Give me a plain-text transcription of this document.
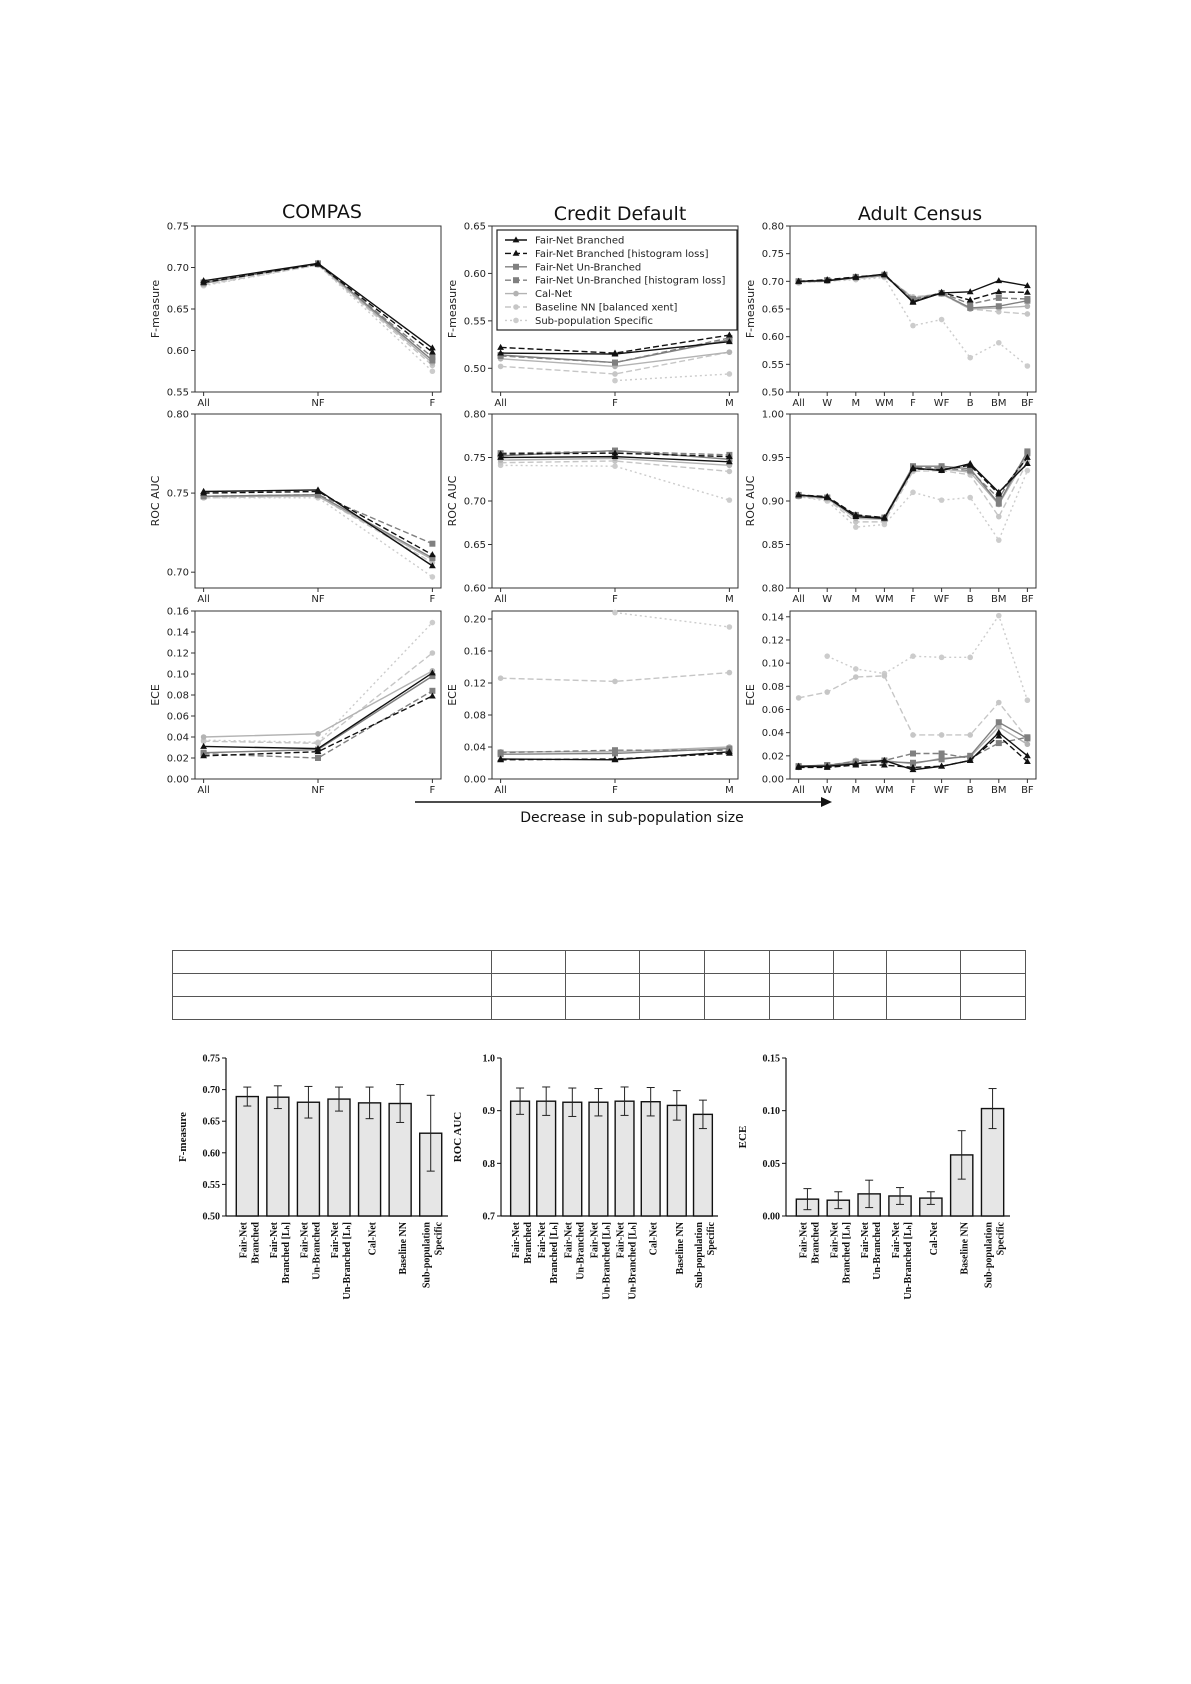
COMPAS	Credit Default	Adult Census
0.55
0.60
0.65
0.70
0.75
All	NF	F
F-measure
0.50
0.55
0.60
0.65
All	F	M
F-measure
0.50
0.55
0.60
0.65
0.70
0.75
0.80
All W M WM F WF B BM BF
F-measure
0.70
0.75
0.80
All	NF	F
ROC AUC
0.60
0.65
0.70
0.75
0.80
All	F	M
ROC AUC
0.80
0.85
0.90
0.95
1.00
All W M WM F WF B BM BF
ROC AUC
0.00
0.02
0.04
0.06
0.08
0.10
0.12
0.14
0.16
All	NF	F
ECE
0.00
0.04
0.08
0.12
0.16
0.20
All	F	M
ECE
0.00
0.02
0.04
0.06
0.08
0.10
0.12
0.14
All W M WM F WF B BM BF
ECE
Fair-Net Branched
Fair-Net Branched [histogram loss]
Fair-Net Un-Branched
Fair-Net Un-Branched [histogram loss]
Cal-Net
Baseline NN [balanced xent]
Sub-population Specific
Decrease in sub-population size
0.50
0.55
0.60
0.65
0.70
0.75
F-measure
Fair-NetBranched Fair-NetBranched [Lₕ] Fair-NetUn-Branched Fair-NetUn-Branched [Lₕ] Cal-Net Baseline NN Sub-populationSpecific
0.7
0.8
0.9
1.0
ROC AUC
Fair-NetBranched Fair-NetBranched [Lₕ] Fair-NetUn-Branched Fair-NetUn-Branched [Lₕ] Fair-NetUn-Branched [Lₕ] Cal-Net Baseline NN Sub-populationSpecific
0.00
0.05
0.10
0.15
ECE
Fair-NetBranched Fair-NetBranched [Lₕ] Fair-NetUn-Branched Fair-NetUn-Branched [Lₕ] Cal-Net Baseline NN Sub-populationSpecific
